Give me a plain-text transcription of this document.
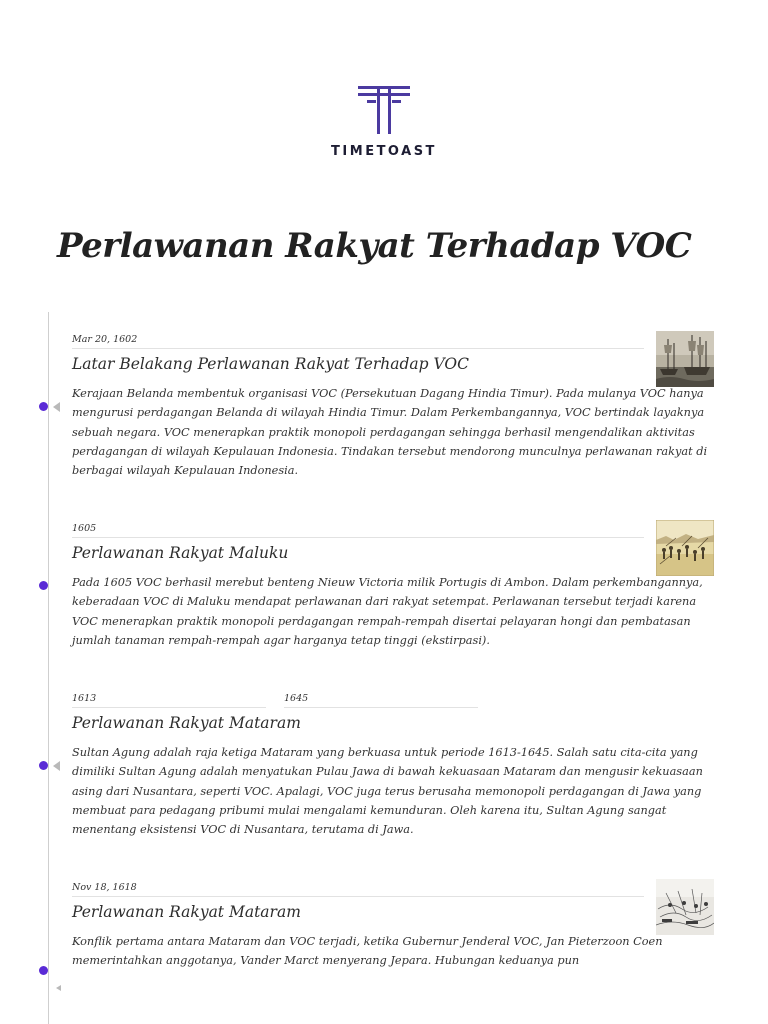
TIMETOAST
Perlawanan Rakyat Terhadap VOC
Mar 20, 1602
Latar Belakang Perlawanan Rakyat Terhadap VOC

Kerajaan Belanda membentuk organisasi VOC (Persekutuan Dagang Hindia Timur). Pada mulanya VOC hanya mengurusi perdagangan Belanda di wilayah Hindia Timur. Dalam Perkembangannya, VOC bertindak layaknya sebuah negara. VOC menerapkan praktik monopoli perdagangan sehingga berhasil mengendalikan aktivitas perdagangan di wilayah Kepulauan Indonesia. Tindakan tersebut mendorong munculnya perlawanan rakyat di berbagai wilayah Kepulauan Indonesia.

1605
Perlawanan Rakyat Maluku

Pada 1605 VOC berhasil merebut benteng Nieuw Victoria milik Portugis di Ambon. Dalam perkembangannya, keberadaan VOC di Maluku mendapat perlawanan dari rakyat setempat. Perlawanan tersebut terjadi karena VOC menerapkan praktik monopoli perdagangan rempah-rempah disertai pelayaran hongi dan pembatasan jumlah tanaman rempah-rempah agar harganya tetap tinggi (ekstirpasi).

1613	1645
Perlawanan Rakyat Mataram

Sultan Agung adalah raja ketiga Mataram yang berkuasa untuk periode 1613-1645. Salah satu cita-cita yang dimiliki Sultan Agung adalah menyatukan Pulau Jawa di bawah kekuasaan Mataram dan mengusir kekuasaan asing dari Nusantara, seperti VOC. Apalagi, VOC juga terus berusaha memonopoli perdagangan di Jawa yang membuat para pedagang pribumi mulai mengalami kemunduran. Oleh karena itu, Sultan Agung sangat menentang eksistensi VOC di Nusantara, terutama di Jawa.

Nov 18, 1618
Perlawanan Rakyat Mataram

Konflik pertama antara Mataram dan VOC terjadi, ketika Gubernur Jenderal VOC, Jan Pieterzoon Coen memerintahkan anggotanya, Vander Marct menyerang Jepara. Hubungan keduanya pun
